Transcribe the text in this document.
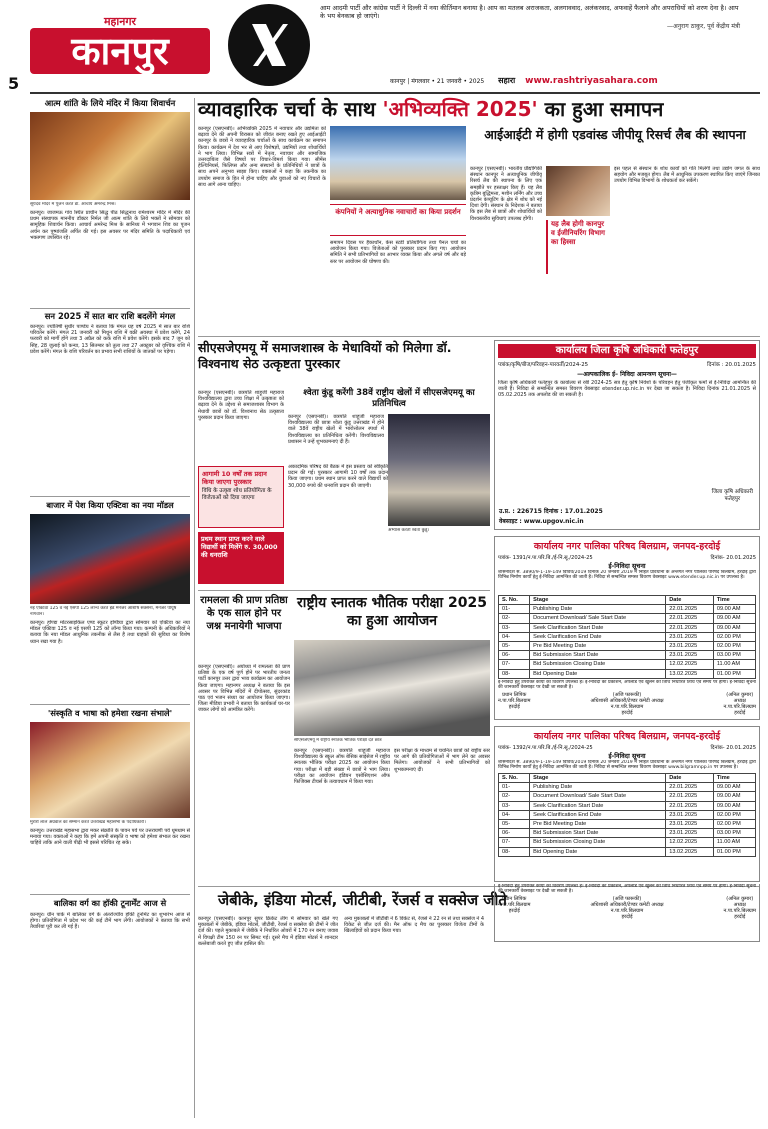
महानगर
कानपुर
5
आम आदमी पार्टी और कांग्रेस पार्टी ने दिल्ली में नया कीर्तिमान बनाया है। आप का मतलब अराजकता, अलगाववाद, अलंकरवाद, अफवाहें फैलाने और अपराधियों को शरण देना है। आप के भय बेनकाब हो जाएंगे।
—अनुराग ठाकुर, पूर्व केंद्रीय मंत्री
कानपुर | मंगलवार • 21 जनवरी • 2025 सहारा www.rashtriyasahara.com
आत्म शांति के लिये मंदिर में किया शिवार्चन
सूर्यदेव मंदिर में पूजन करते डॉ. आचार्य अमरेन्द्र मिश्र।
कानपुर। जाजमऊ गांव स्थित प्राचीन सिद्ध पीठ सिद्धनाथ रामेश्वरम मंदिर में मंदिर की प्रथम संस्थापक माननीय डॉक्टर निर्मल जी आत्म शांति के लिये भक्तों ने सोमवार को सामूहिक शिवार्चन किया। आचार्य अमरेन्द्र मिश्र के सानिध्य में भगवान शिव का पूजन अर्चन कर पुष्पांजलि अर्पित की गई। इस अवसर पर मंदिर समिति के पदाधिकारी एवं भक्तगण उपस्थित रहे।
सन 2025 में सात बार राशि बदलेंगे मंगल
कानपुर। ज्योतिषी सुधीर पाण्डेय ने बताया कि मंगल ग्रह वर्ष 2025 में सात बार राशि परिवर्तन करेंगे। मंगल 21 जनवरी को मिथुन राशि में वक्री अवस्था में प्रवेश करेंगे, 24 फरवरी को मार्गी होंगे तथा 3 अप्रैल को कर्क राशि में प्रवेश करेंगे। इसके बाद 7 जून को सिंह, 28 जुलाई को कन्या, 13 सितम्बर को तुला तथा 27 अक्टूबर को वृश्चिक राशि में प्रवेश करेंगे। मंगल के राशि परिवर्तन का प्रभाव सभी राशियों के जातकों पर पड़ेगा।
बाजार में पेश किया एक्टिवा का नया मॉडल
नई एक्टिवा 125 व नई एसपी 125 लान्च करते हेड मैनेजर आशीष सक्सेना, मैनेजर पीयूष नागवान।
कानपुर। होण्डा मोटरसाइकिल एण्ड स्कूटर इण्डिया द्वारा सोमवार को एक्टिवा का नया मॉडल एक्टिवा 125 व नई एसपी 125 को लॉन्च किया गया। कम्पनी के अधिकारियों ने बताया कि नया मॉडल आधुनिक तकनीक से लैस है तथा ग्राहकों की सुविधा का विशेष ध्यान रखा गया है।
'संस्कृति व भाषा को हमेशा रखना संभाले'
मुरारी लाल अग्रवाल का सम्मान करते उत्तराखंड महासभा के पदाधिकारी।
कानपुर। उत्तराखंड महासभा द्वारा मकर संक्रांति के पावन पर्व पर उत्तरायणी पर्व धूमधाम से मनाया गया। वक्ताओं ने कहा कि हमें अपनी संस्कृति व भाषा को हमेशा संभाल कर रखना चाहिये ताकि आने वाली पीढ़ी भी इससे परिचित रह सके।
बालिका वर्ग का हॉकी टूनार्मेंट आज से
कानपुर। ग्रीन पार्क में बालिका वर्ग के अंतर्राज्यीय हॉकी टूर्नामेंट का शुभारंभ आज से होगा। प्रतियोगिता में प्रदेश भर की कई टीमें भाग लेंगी। आयोजकों ने बताया कि सभी तैयारियां पूरी कर ली गई हैं।
व्यावहारिक चर्चा के साथ 'अभिव्यक्ति 2025' का हुआ समापन
कानपुर (एसएनबी)। अभिव्यक्ति 2025 में नवाचार और उद्यमिता को बढ़ावा देने की अपनी विरासत को जीवंत बनाए रखते हुए आईआईटी कानपुर के छात्रों ने व्यावहारिक चर्चाओं के साथ कार्यक्रम का समापन किया। कार्यक्रम में देश भर से आए विशेषज्ञों, उद्यमियों तथा शोधार्थियों ने भाग लिया। विभिन्न सत्रों में नेतृत्व, नवाचार और सामाजिक उत्तरदायित्व जैसे विषयों पर विचार-विमर्श किया गया। सीमेंस हेल्थिनियर्स, फिलिप्स और अन्य संस्थानों के प्रतिनिधियों ने छात्रों के साथ अपने अनुभव साझा किए। वक्ताओं ने कहा कि तकनीक का उपयोग समाज के हित में होना चाहिए और युवाओं को नए विचारों के साथ आगे आना चाहिए।
कंपनियों ने अत्याधुनिक नवाचारों का किया प्रदर्शन
समापन दिवस पर हैकाथॉन, केस स्टडी प्रतियोगिता तथा पैनल चर्चा का आयोजन किया गया। विजेताओं को पुरस्कार प्रदान किए गए। आयोजन समिति ने सभी प्रतिभागियों का आभार व्यक्त किया और अगले वर्ष और बड़े स्तर पर आयोजन की घोषणा की।
आईआईटी में होगी एडवांस्ड जीपीयू रिसर्च लैब की स्थापना
कानपुर (एसएनबी)। भारतीय प्रौद्योगिकी संस्थान कानपुर ने अत्याधुनिक जीपीयू रिसर्च लैब की स्थापना के लिए एक समझौते पर हस्ताक्षर किए हैं। यह लैब कृत्रिम बुद्धिमत्ता, मशीन लर्निंग और उच्च प्रदर्शन कंप्यूटिंग के क्षेत्र में शोध को नई दिशा देगी। संस्थान के निदेशक ने बताया कि इस लैब से छात्रों और शोधार्थियों को विश्वस्तरीय सुविधाएं उपलब्ध होंगी।
यह लैब होगी कानपुर व ईजीनियरिंग विभाग का हिस्सा
इस पहल से संस्थान के शोध कार्यों को गति मिलेगी तथा उद्योग जगत के साथ सहयोग और मजबूत होगा। लैब में आधुनिक उपकरण स्थापित किए जाएंगे जिनका उपयोग विभिन्न विभागों के शोधकर्ता कर सकेंगे।
सीएसजेएमयू में समाजशास्त्र के मेधावियों को मिलेगा डॉ. विश्वनाथ सेठ उत्कृष्टता पुरस्कार
कानपुर (एसएनबी)। छत्रपति शाहूजी महाराज विश्वविद्यालय द्वारा उच्च शिक्षा में उत्कृष्टता को बढ़ावा देने के उद्देश्य से समाजशास्त्र विभाग के मेधावी छात्रों को डॉ. विश्वनाथ सेठ उत्कृष्टता पुरस्कार प्रदान किया जाएगा।
आगामी 10 वर्षों तक प्रदान किया जाएगा पुरस्कार
विधि के उत्कृष्ट शोध प्रतियोगिता के विजेताओं को दिया जाएगा
प्रथम स्थान प्राप्त करने वाले विद्यार्थी को मिलेंगे रु. 30,000 की धनराशि
अकादमिक परिषद की बैठक में इस प्रस्ताव को स्वीकृति प्रदान की गई। पुरस्कार आगामी 10 वर्षों तक प्रदान किया जाएगा। प्रथम स्थान प्राप्त करने वाले विद्यार्थी को 30,000 रुपये की धनराशि प्रदान की जाएगी।
श्वेता कुंडू करेंगी 38वें राष्ट्रीय खेलों में सीएसजेएमयू का प्रतिनिधित्व
कानपुर (एसएनबी)। छत्रपति शाहूजी महाराज विश्वविद्यालय की छात्रा श्वेता कुंडू उत्तराखंड में होने वाले 38वें राष्ट्रीय खेलों में भारोत्तोलन स्पर्धा में विश्वविद्यालय का प्रतिनिधित्व करेंगी। विश्वविद्यालय प्रशासन ने उन्हें शुभकामनाएं दी हैं।
अभ्यास करती श्वेता कुंडू।
रामलला की प्राण प्रतिष्ठा के एक साल होने पर जश्न मनायेगी भाजपा
कानपुर (एसएनबी)। अयोध्या में रामलला की प्राण प्रतिष्ठा के एक वर्ष पूर्ण होने पर भारतीय जनता पार्टी कानपुर उत्तर द्वारा भव्य कार्यक्रम का आयोजन किया जाएगा। महानगर अध्यक्ष ने बताया कि इस अवसर पर विभिन्न मंदिरों में दीपोत्सव, सुंदरकांड पाठ एवं भजन संध्या का आयोजन किया जाएगा। जिला मीडिया प्रभारी ने बताया कि कार्यकर्ता घर-घर जाकर लोगों को आमंत्रित करेंगे।
राष्ट्रीय स्नातक भौतिक परीक्षा 2025 का हुआ आयोजन
सीएसजेएमयू में राष्ट्रीय स्नातक भौतिक परीक्षा देते छात्र
कानपुर (एसएनबी)। छत्रपति शाहूजी महाराज विश्वविद्यालय के स्कूल ऑफ बेसिक साइंसेज में राष्ट्रीय स्नातक भौतिक परीक्षा 2025 का आयोजन किया गया। परीक्षा में बड़ी संख्या में छात्रों ने भाग लिया। परीक्षा का आयोजन इंडियन एसोसिएशन ऑफ फिजिक्स टीचर्स के तत्वावधान में किया गया।
इस परीक्षा के माध्यम से चयनित छात्रों को राष्ट्रीय स्तर पर आगे की प्रतियोगिताओं में भाग लेने का अवसर मिलेगा। आयोजकों ने सभी प्रतिभागियों को शुभकामनाएं दीं।
जेबीके, इंडिया मोटर्स, जीटीबी, रेंजर्स व सक्सेज जीते
कानपुर (एसएनबी)। कानपुर सुपर क्रिकेट लीग में सोमवार को खेले गए मुकाबलों में जेबीके, इंडिया मोटर्स, जीटीबी, रेंजर्स व सक्सेज की टीमों ने जीत दर्ज की। पहले मुकाबले में जेबीके ने निर्धारित ओवरों में 170 रन बनाए जवाब में विपक्षी टीम 150 रन पर सिमट गई। दूसरे मैच में इंडिया मोटर्स ने शानदार बल्लेबाजी करते हुए जीत हासिल की।
अन्य मुकाबलों में जीटीबी ने 6 विकेट से, रेंजर्स ने 22 रन से तथा सक्सेज ने 4 विकेट से जीत दर्ज की। मैन ऑफ द मैच का पुरस्कार विजेता टीमों के खिलाड़ियों को प्रदान किया गया।
कार्यालय जिला कृषि अधिकारी फतेहपुर
पत्रांक/कृषि/बीज/परिवहन-पारवर्ती/2024-25	दिनांक : 20.01.2025
—अल्पकालिक ई– निविदा आमन्त्रण सूचना—
जिला कृषि अधिकारी फतेहपुर के कार्यालय से रबी 2024-25 सत्र हेतु कृषि निवेशों के परिवहन हेतु पंजीकृत फर्मों से ई-निविदा आमन्त्रित की जाती है। निविदा से सम्बन्धित समस्त विवरण वेबसाइट etender.up.nic.in पर देखा जा सकता है। निविदा दिनांक 21.01.2025 से 05.02.2025 तक अपलोड की जा सकती है।
जिला कृषि अधिकारी
फतेहपुर
उ.प्र. : 226715 दिनांक : 17.01.2025
वेबसाइट : www.upgov.nic.in
कार्यालय नगर पालिका परिषद बिलग्राम, जनपद-हरदोई
पत्रांक- 1391/न.पा.परि.बि./ई-नि.सू./2024-25	दिनांक- 20.01.2025
ई-निविदा सूचना
शासनादेश सं. 3890/9-1-19-149 विविध/2019 दिनांक 20 जनवरी 2019 में निहित प्रावधानों के अन्तर्गत नगर पालिका परिषद बिलग्राम, हरदोई द्वारा विभिन्न निर्माण कार्यों हेतु ई-निविदा आमन्त्रित की जाती है। निविदा से सम्बन्धित समस्त विवरण वेबसाइट www.etender.up.nic.in पर उपलब्ध है।
S. No.	Stage	Date	Time
01-	Publishing Date	22.01.2025	09.00 AM
02-	Document Download/ Sale Start Date	22.01.2025	09.00 AM
03-	Seek Clarification Start Date	22.01.2025	09.00 AM
04-	Seek Clarification End Date	23.01.2025	02.00 PM
05-	Pre Bid Meeting Date	23.01.2025	02.00 PM
06-	Bid Submission Start Date	23.01.2025	03.00 PM
07-	Bid Submission Closing Date	12.02.2025	11.00 AM
08-	Bid Opening Date	13.02.2025	01.00 PM
ई-निविदा हेतु उपरोक्त कार्यों का विवरण उपलब्ध है। ई-निविदा का प्रकाशन, अपलोड एवं खुलने की तिथि निर्धारित तिथि एवं समय पर होगी। ई-निविदा सूचना की जानकारी वेबसाइट पर देखी जा सकती है।
प्रधान लिपिक
न.पा.परि.बिलग्राम
हरदोई
(अजि फारूकी)
अधिशासी अधिकारी/टेण्डर कमेटी अध्यक्ष
न.पा.परि.बिलग्राम
हरदोई
(अनिल कुमार)
अध्यक्ष
न.पा.परि.बिलग्राम
हरदोई
कार्यालय नगर पालिका परिषद बिलग्राम, जनपद-हरदोई
पत्रांक- 1392/न.पा.परि.बि./ई-नि.सू./2024-25	दिनांक- 20.01.2025
ई-निविदा सूचना
शासनादेश सं. 3890/9-1-19-149 विविध/2019 दिनांक 20 जनवरी 2019 में निहित प्रावधानों के अन्तर्गत नगर पालिका परिषद बिलग्राम, हरदोई द्वारा विभिन्न निर्माण कार्यों हेतु ई-निविदा आमन्त्रित की जाती है। निविदा से सम्बन्धित समस्त विवरण वेबसाइट www.bilgramnpp.in पर उपलब्ध है।
S. No.	Stage	Date	Time
01-	Publishing Date	22.01.2025	09.00 AM
02-	Document Download/ Sale Start Date	22.01.2025	09.00 AM
03-	Seek Clarification Start Date	22.01.2025	09.00 AM
04-	Seek Clarification End Date	23.01.2025	02.00 PM
05-	Pre Bid Meeting Date	23.01.2025	02.00 PM
06-	Bid Submission Start Date	23.01.2025	03.00 PM
07-	Bid Submission Closing Date	12.02.2025	11.00 AM
08-	Bid Opening Date	13.02.2025	01.00 PM
ई-निविदा हेतु उपरोक्त कार्यों का विवरण उपलब्ध है। ई-निविदा का प्रकाशन, अपलोड एवं खुलने की तिथि निर्धारित तिथि एवं समय पर होगी। ई-निविदा सूचना की जानकारी वेबसाइट पर देखी जा सकती है।
प्रधान लिपिक
न.पा.परि.बिलग्राम
हरदोई
(अजि फारूकी)
अधिशासी अधिकारी/टेण्डर कमेटी अध्यक्ष
न.पा.परि.बिलग्राम
हरदोई
(अनिल कुमार)
अध्यक्ष
न.पा.परि.बिलग्राम
हरदोई
